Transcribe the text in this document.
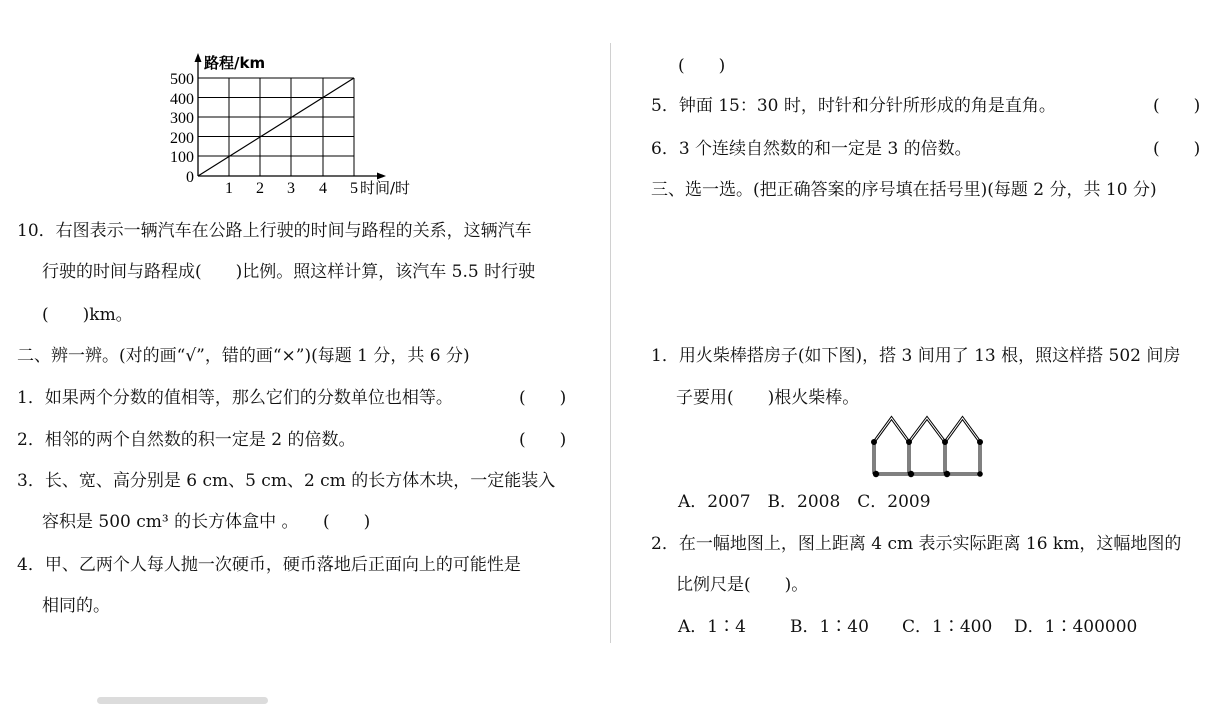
500
400
300
200
100
0
1 2 3 4 5 时间/时
路程/km
10．右图表示一辆汽车在公路上行驶的时间与路程的关系，这辆汽车
行驶的时间与路程成(　　)比例。照这样计算，该汽车 5.5 时行驶
(　　)km。
二、辨一辨。(对的画“√”，错的画“×”)(每题 1 分，共 6 分)
1．如果两个分数的值相等，那么它们的分数单位也相等。	(　　)
2．相邻的两个自然数的积一定是 2 的倍数。	(　　)
3．长、宽、高分别是 6 cm、5 cm、2 cm 的长方体木块，一定能装入
容积是 500 cm³ 的长方体盒中 。 (　　)
4．甲、乙两个人每人抛一次硬币，硬币落地后正面向上的可能性是
相同的。
(　　)
5．钟面 15：30 时，时针和分针所形成的角是直角。	(　　)
6．3 个连续自然数的和一定是 3 的倍数。	(　　)
三、选一选。(把正确答案的序号填在括号里)(每题 2 分，共 10 分)
1．用火柴棒搭房子(如下图)，搭 3 间用了 13 根，照这样搭 502 间房
子要用(　　)根火柴棒。
A．2007　B．2008　C．2009
2．在一幅地图上，图上距离 4 cm 表示实际距离 16 km，这幅地图的
比例尺是(　　)。
A．1∶4	B．1∶40 C．1∶400 D．1∶400000
